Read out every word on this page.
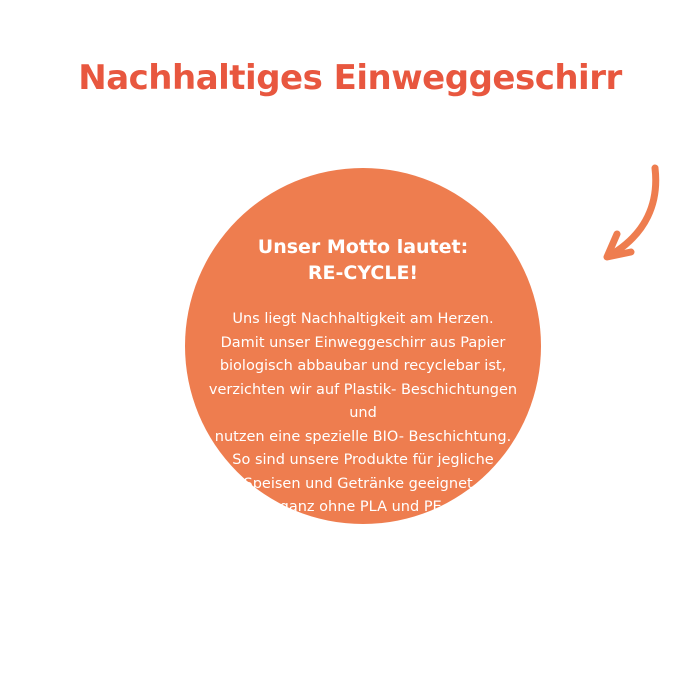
Nachhaltiges Einweggeschirr
Unser Motto lautet:
RE-CYCLE!
Uns liegt Nachhaltigkeit am Herzen.
Damit unser Einweggeschirr aus Papier
biologisch abbaubar und recyclebar ist,
verzichten wir auf Plastik- Beschichtungen und
nutzen eine spezielle BIO- Beschichtung.
So sind unsere Produkte für jegliche
Speisen und Getränke geeignet -
ganz ohne PLA und PE.
Für eine nachhaltigere
Kreislaufwirtschaft!
